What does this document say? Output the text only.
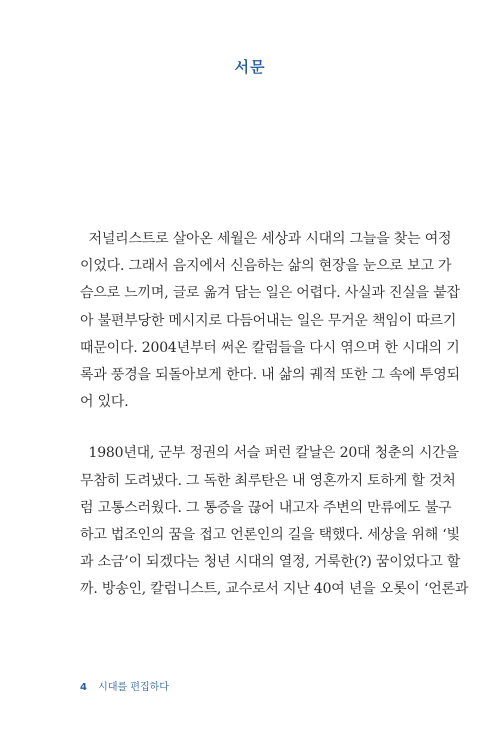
서문
저널리스트로 살아온 세월은 세상과 시대의 그늘을 찾는 여정
이었다. 그래서 음지에서 신음하는 삶의 현장을 눈으로 보고 가
슴으로 느끼며, 글로 옮겨 담는 일은 어렵다. 사실과 진실을 붙잡
아 불편부당한 메시지로 다듬어내는 일은 무거운 책임이 따르기
때문이다. 2004년부터 써온 칼럼들을 다시 엮으며 한 시대의 기
록과 풍경을 되돌아보게 한다. 내 삶의 궤적 또한 그 속에 투영되
어 있다.
1980년대, 군부 정권의 서슬 퍼런 칼날은 20대 청춘의 시간을
무참히 도려냈다. 그 독한 최루탄은 내 영혼까지 토하게 할 것처
럼 고통스러웠다. 그 통증을 끊어 내고자 주변의 만류에도 불구
하고 법조인의 꿈을 접고 언론인의 길을 택했다. 세상을 위해 ‘빛
과 소금’이 되겠다는 청년 시대의 열정, 거룩한(?) 꿈이었다고 할
까. 방송인, 칼럼니스트, 교수로서 지난 40여 년을 오롯이 ‘언론과
4 시대를 편집하다
